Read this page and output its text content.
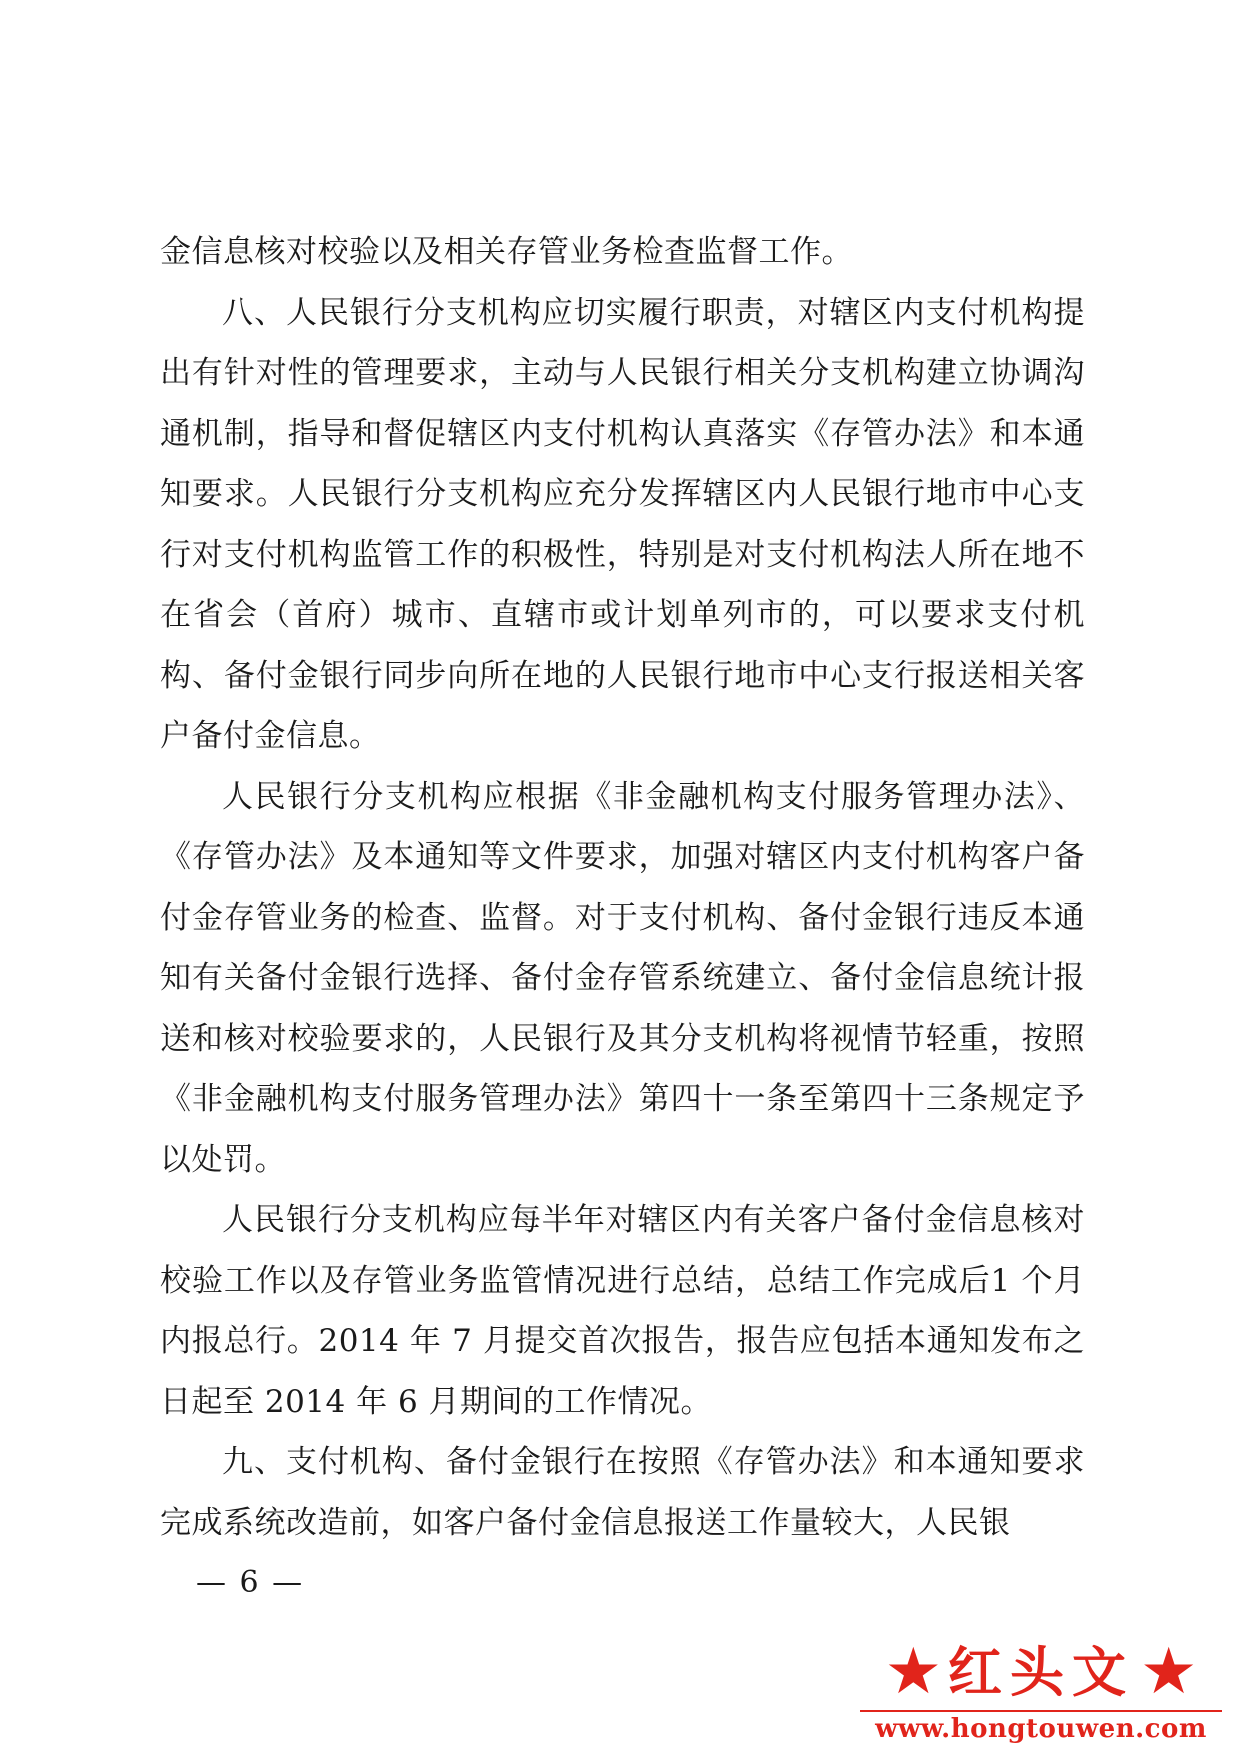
金信息核对校验以及相关存管业务检查监督工作。

八、人民银行分支机构应切实履行职责，对辖区内支付机构提出有针对性的管理要求，主动与人民银行相关分支机构建立协调沟通机制，指导和督促辖区内支付机构认真落实《存管办法》和本通知要求。人民银行分支机构应充分发挥辖区内人民银行地市中心支行对支付机构监管工作的积极性，特别是对支付机构法人所在地不在省会（首府）城市、直辖市或计划单列市的，可以要求支付机构、备付金银行同步向所在地的人民银行地市中心支行报送相关客户备付金信息。

人民银行分支机构应根据《非金融机构支付服务管理办法》、《存管办法》及本通知等文件要求，加强对辖区内支付机构客户备付金存管业务的检查、监督。对于支付机构、备付金银行违反本通知有关备付金银行选择、备付金存管系统建立、备付金信息统计报送和核对校验要求的，人民银行及其分支机构将视情节轻重，按照《非金融机构支付服务管理办法》第四十一条至第四十三条规定予以处罚。

人民银行分支机构应每半年对辖区内有关客户备付金信息核对校验工作以及存管业务监管情况进行总结，总结工作完成后1 个月内报总行。2014 年 7 月提交首次报告，报告应包括本通知发布之日起至 2014 年 6 月期间的工作情况。

九、支付机构、备付金银行在按照《存管办法》和本通知要求完成系统改造前，如客户备付金信息报送工作量较大，人民银

— 6 —
★ 红头文 ★
www.hongtouwen.com
